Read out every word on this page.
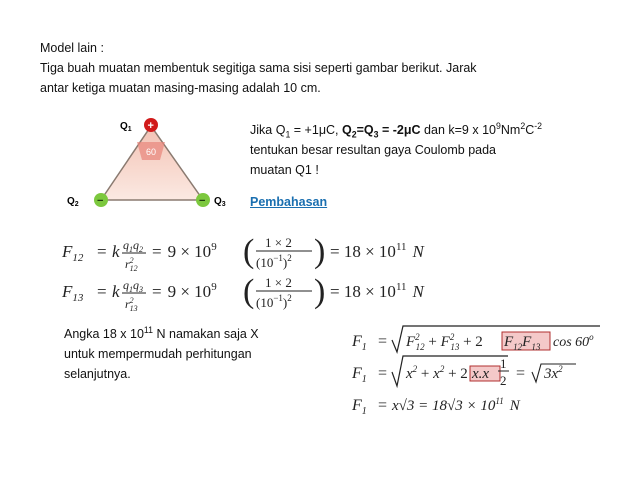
Model lain :
Tiga buah muatan membentuk segitiga sama sisi seperti gambar berikut. Jarak
antar ketiga muatan masing-masing adalah 10 cm.
60
+
−	−
$Q_1$
$Q_2$	$Q_3$
Jika $Q_1 = +1\mu C$, $Q_2=Q_3 = -2\mu C$ dan k=9 x $10^9Nm^2C^{-2}$
tentukan besar resultan gaya Coulomb pada
muatan Q1 !
Pembahasan
$F_{12} = k$ $q_1q_2$
$r^2$ 12
= $9 \times 10^9$ ( 1 × 2
$(10^{-1})^2$ ) = $18 \times 10^{11}$ N
$F_{13} = k$ $q_1q_3$
$r^2$ 13
= $9 \times 10^9$ ( 1 × 2
$(10^{-1})^2$ ) = $18 \times 10^{11}$ N
Angka 18 x $10^{11}$ N namakan saja X
untuk mempermudah perhitungan
selanjutnya.
$F_1 = F^2$ $12 + F^2$ 13 + 2 $F_{12}F_{13}$ cos 60$^o$
$F_1 = x^2 + x^2 + 2$ x.x
1
$2 = 3x^2$
$F_1 = x√3 = 18√3 \times 10^{11}$ N
